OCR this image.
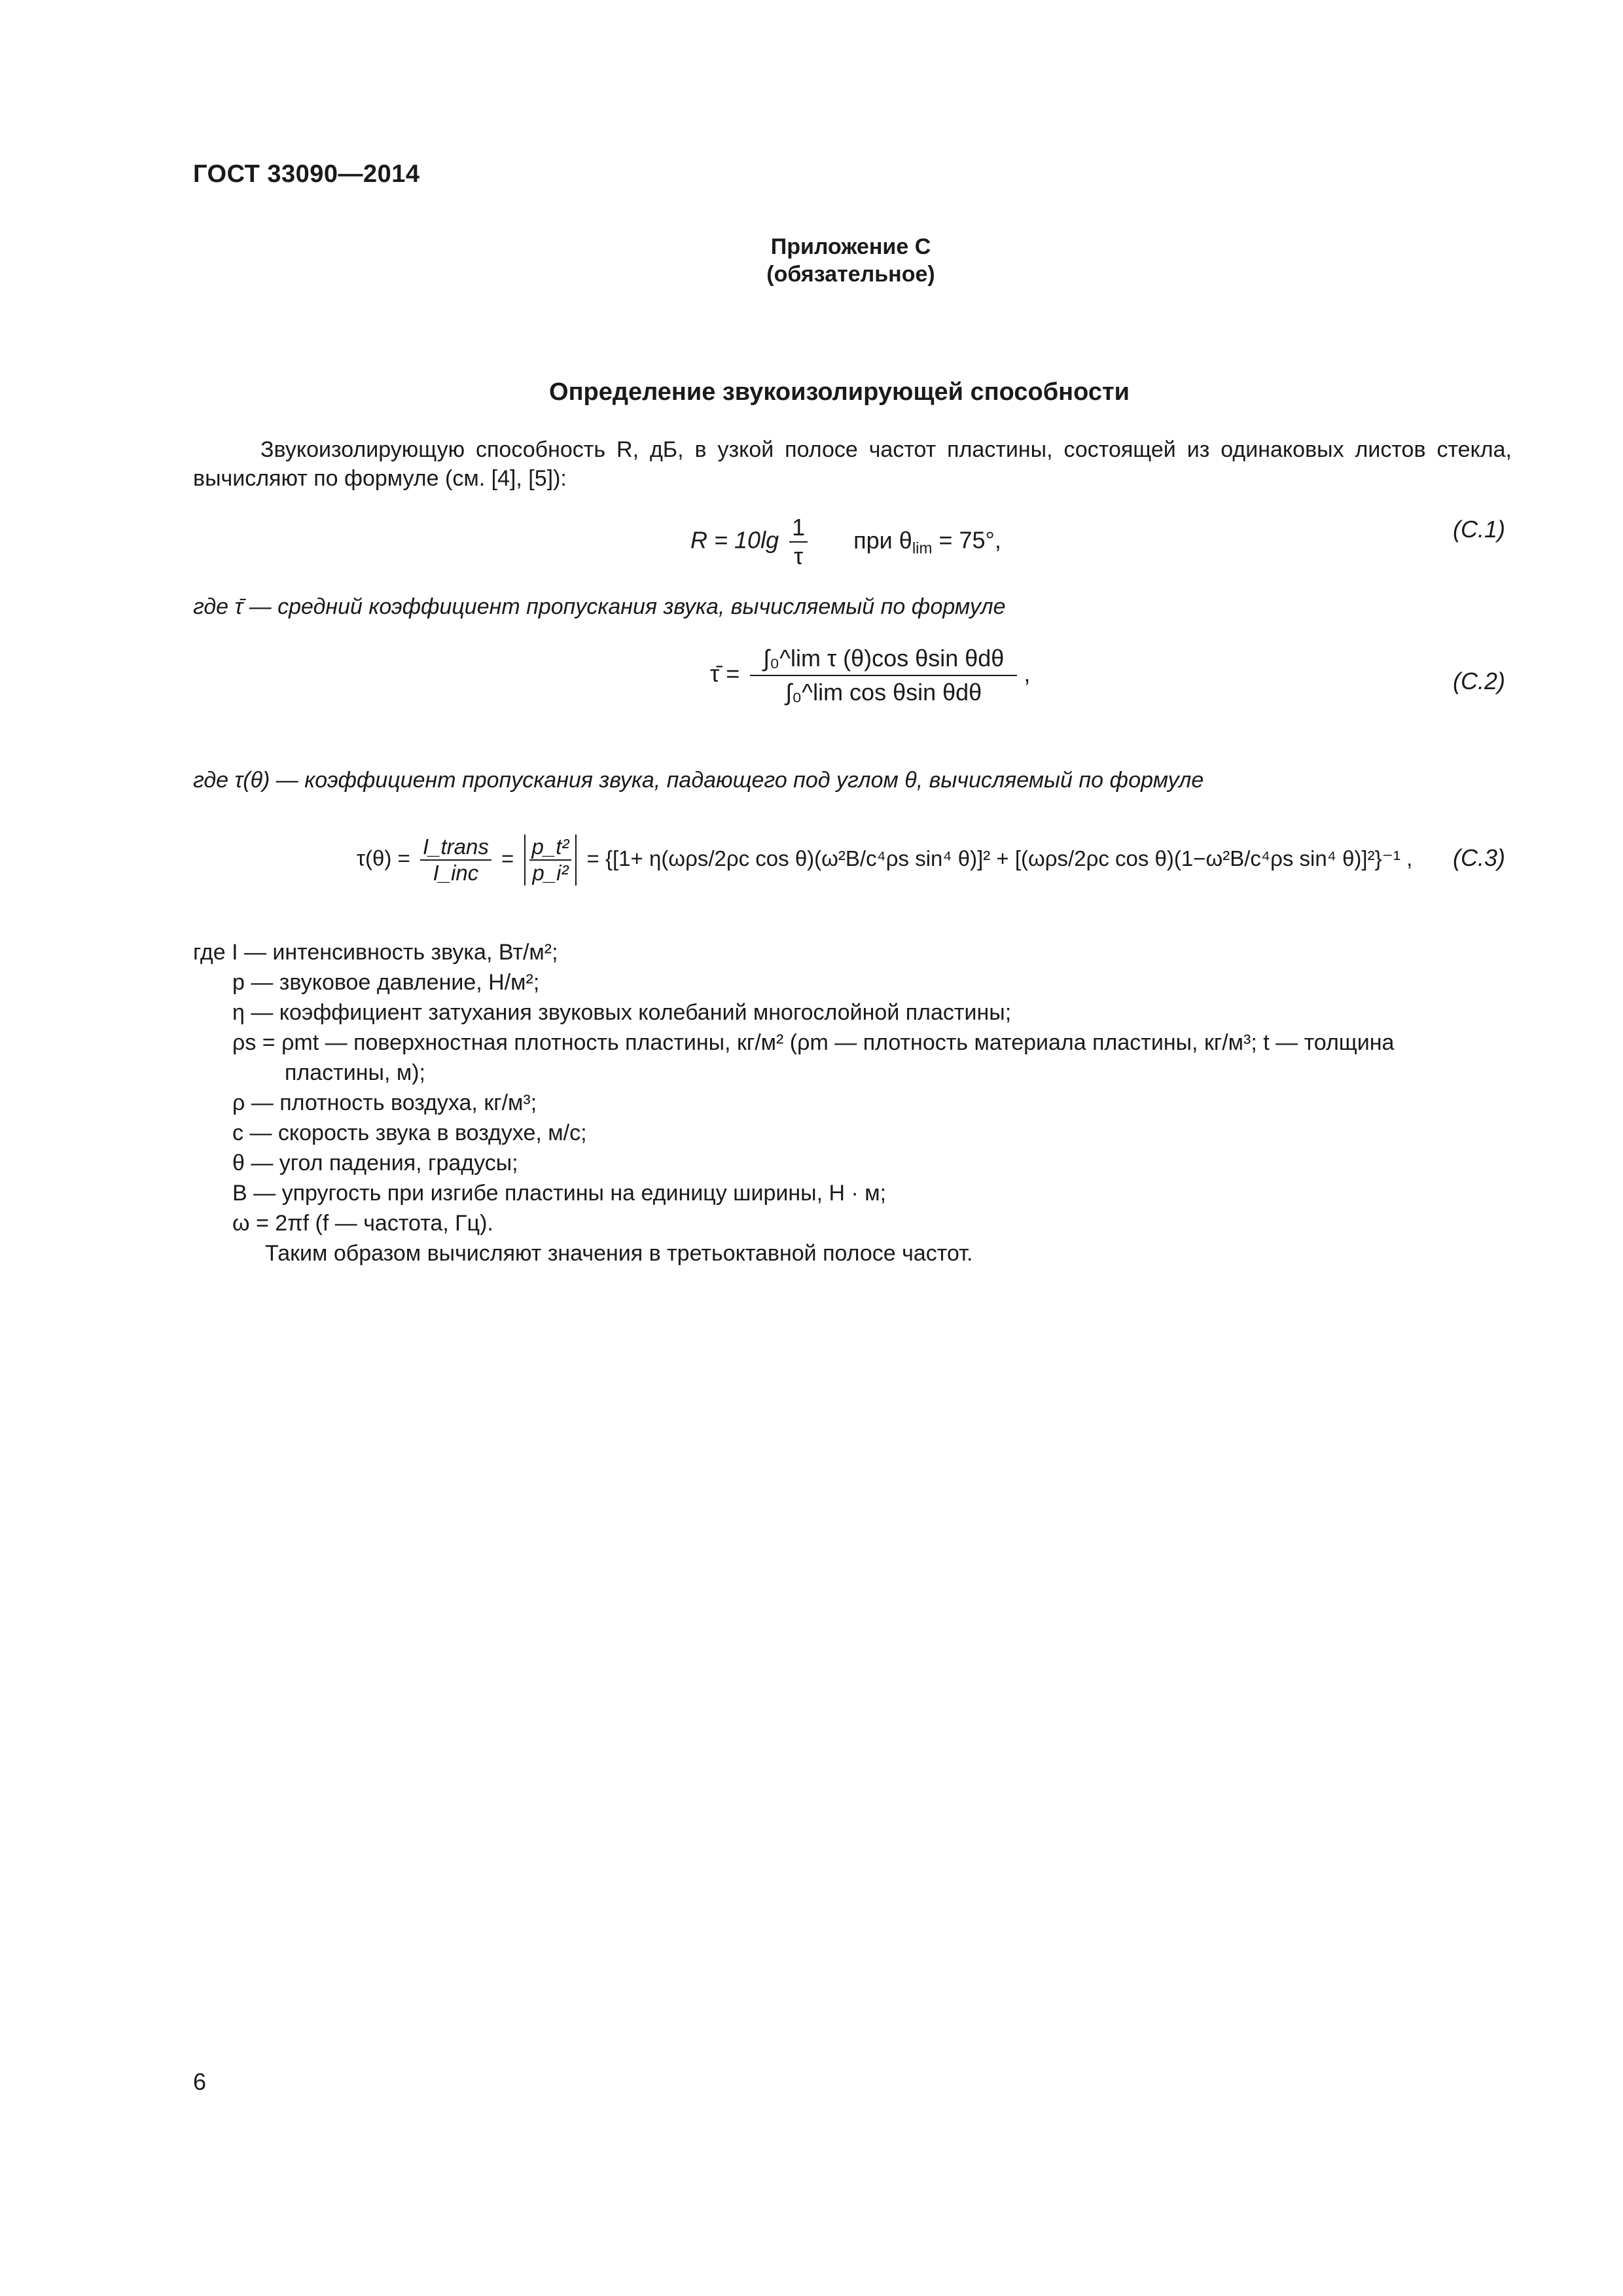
ГОСТ 33090—2014
Приложение С
(обязательное)
Определение звукоизолирующей способности
Звукоизолирующую способность R, дБ, в узкой полосе частот пластины, состоящей из одинаковых листов стекла, вычисляют по формуле (см. [4], [5]):
$R = 10\lg \frac{1}{\tau}$ при $\theta_{lim} = 75^\circ$,	(С.1)
где τ̄ — средний коэффициент пропускания звука, вычисляемый по формуле
τ̄ = $\frac{\text{∫₀\textasciicircum{}lim τ (θ)cos θsin θdθ}}{\text{∫₀\textasciicircum{}lim cos θsin θdθ}}$ ,	(С.2)
где τ(θ) — коэффициент пропускания звука, падающего под углом θ, вычисляемый по формуле
$\tau(\theta) = \frac{\text{I\_trans}}{\text{I\_inc}} = \frac{\text{p\_t²}}{\text{p\_i²}} = \{[1+ \eta(\omega\rho s/2\rho c$ cos θ)(ω²B/c⁴ρs sin⁴ θ)]² + [(ωρs/2ρc cos θ)(1−ω²B/c⁴ρs sin⁴ θ)]²}⁻¹ , (С.3)
где I — интенсивность звука, Вт/м²;
p — звуковое давление, Н/м²;
η — коэффициент затухания звуковых колебаний многослойной пластины;
ρs = ρmt — поверхностная плотность пластины, кг/м² (ρm — плотность материала пластины, кг/м³; t — толщина
пластины, м);
ρ — плотность воздуха, кг/м³;
c — скорость звука в воздухе, м/с;
θ — угол падения, градусы;
B — упругость при изгибе пластины на единицу ширины, Н · м;
ω = 2πf (f — частота, Гц).
Таким образом вычисляют значения в третьоктавной полосе частот.
6
